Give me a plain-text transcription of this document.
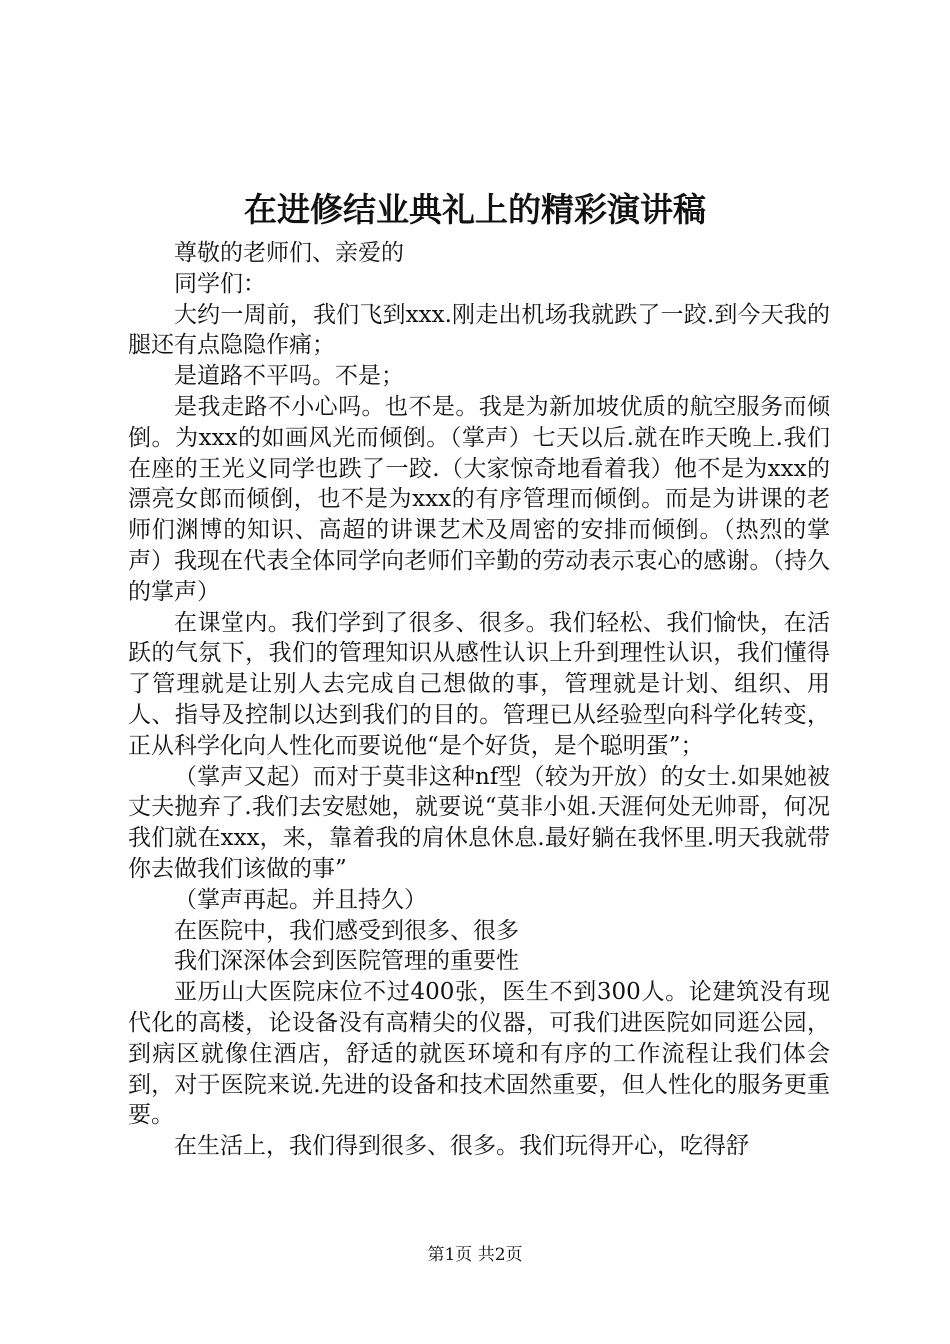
在进修结业典礼上的精彩演讲稿

尊敬的老师们、亲爱的

同学们：

大约一周前，我们飞到xxx.刚走出机场我就跌了一跤.到今天我的腿还有点隐隐作痛；

是道路不平吗。不是；

是我走路不小心吗。也不是。我是为新加坡优质的航空服务而倾倒。为xxx的如画风光而倾倒。（掌声）七天以后.就在昨天晚上.我们在座的王光义同学也跌了一跤.（大家惊奇地看着我）他不是为xxx的漂亮女郎而倾倒，也不是为xxx的有序管理而倾倒。而是为讲课的老师们渊博的知识、高超的讲课艺术及周密的安排而倾倒。（热烈的掌声）我现在代表全体同学向老师们辛勤的劳动表示衷心的感谢。（持久的掌声）

在课堂内。我们学到了很多、很多。我们轻松、我们愉快，在活跃的气氛下，我们的管理知识从感性认识上升到理性认识，我们懂得了管理就是让别人去完成自己想做的事，管理就是计划、组织、用人、指导及控制以达到我们的目的。管理已从经验型向科学化转变，正从科学化向人性化而要说他“是个好货，是个聪明蛋”；

（掌声又起）而对于莫非这种nf型（较为开放）的女士.如果她被丈夫抛弃了.我们去安慰她，就要说“莫非小姐.天涯何处无帅哥，何况我们就在xxx，来，靠着我的肩休息休息.最好躺在我怀里.明天我就带你去做我们该做的事”

（掌声再起。并且持久）

在医院中，我们感受到很多、很多

我们深深体会到医院管理的重要性

亚历山大医院床位不过400张，医生不到300人。论建筑没有现代化的高楼，论设备没有高精尖的仪器，可我们进医院如同逛公园，到病区就像住酒店，舒适的就医环境和有序的工作流程让我们体会到，对于医院来说.先进的设备和技术固然重要，但人性化的服务更重要。

在生活上，我们得到很多、很多。我们玩得开心，吃得舒

第1页 共2页
